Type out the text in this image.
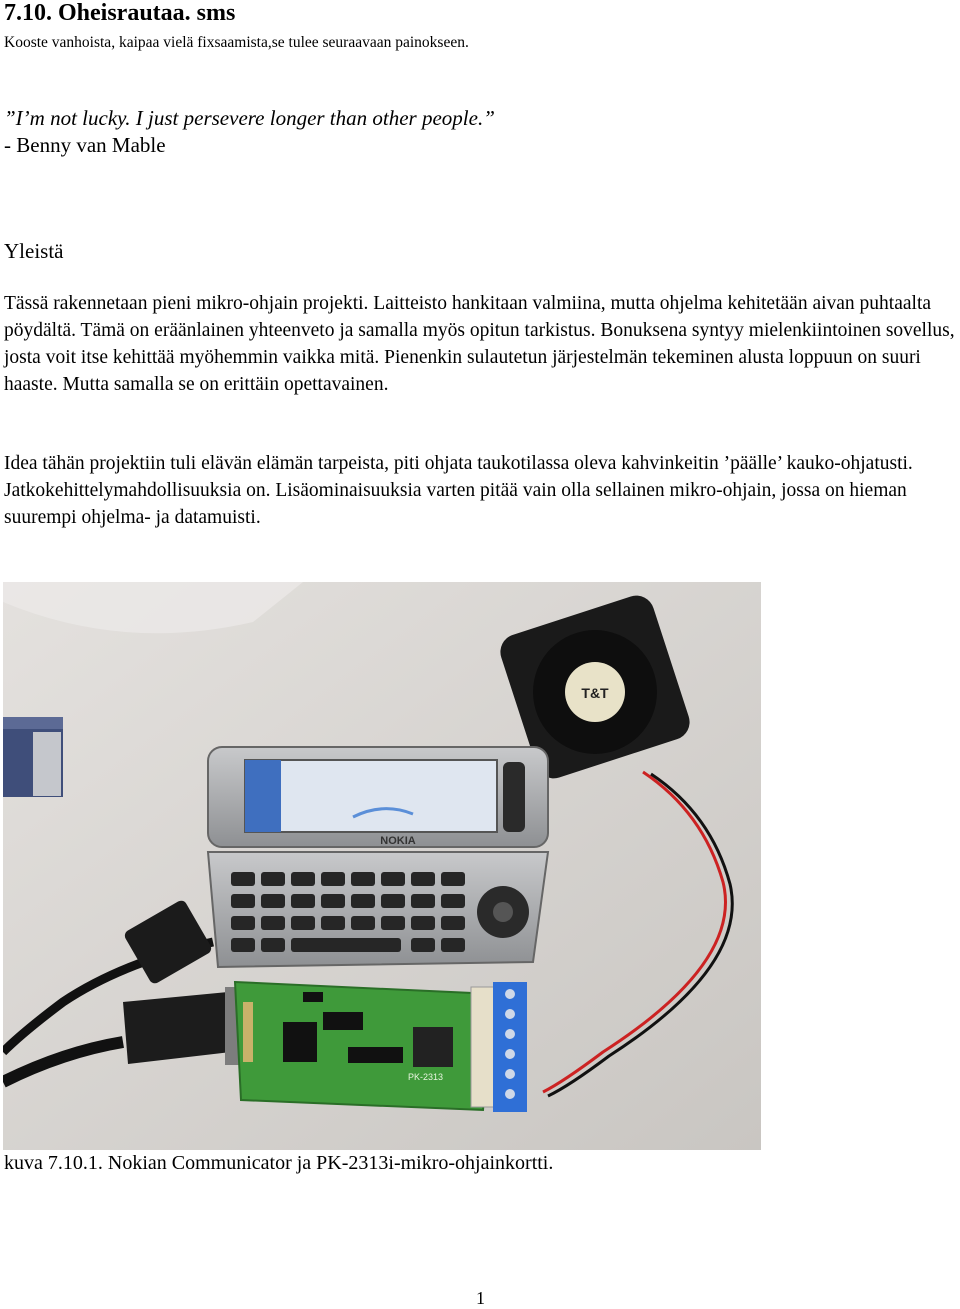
7.10. Oheisrautaa. sms
Kooste vanhoista, kaipaa vielä fixsaamista,se tulee seuraavaan painokseen.
”I’m not lucky. I just persevere longer than other people.”
- Benny van Mable
Yleistä
Tässä rakennetaan pieni mikro-ohjain projekti. Laitteisto hankitaan valmiina, mutta ohjelma kehitetään aivan puhtaalta pöydältä. Tämä on eräänlainen yhteenveto ja samalla myös opitun tarkistus. Bonuksena syntyy mielenkiintoinen sovellus, josta voit itse kehittää myöhemmin vaikka mitä. Pienenkin sulautetun järjestelmän tekeminen alusta loppuun on suuri haaste. Mutta samalla se on erittäin opettavainen.
Idea tähän projektiin tuli elävän elämän tarpeista, piti ohjata taukotilassa oleva kahvinkeitin ’päälle’ kauko-ohjatusti. Jatkokehittelymahdollisuuksia on. Lisäominaisuuksia varten pitää vain olla sellainen mikro-ohjain, jossa on hieman suurempi ohjelma- ja datamuisti.
T&T
NOKIA
PK-2313
kuva 7.10.1. Nokian Communicator ja PK-2313i-mikro-ohjainkortti.
1
